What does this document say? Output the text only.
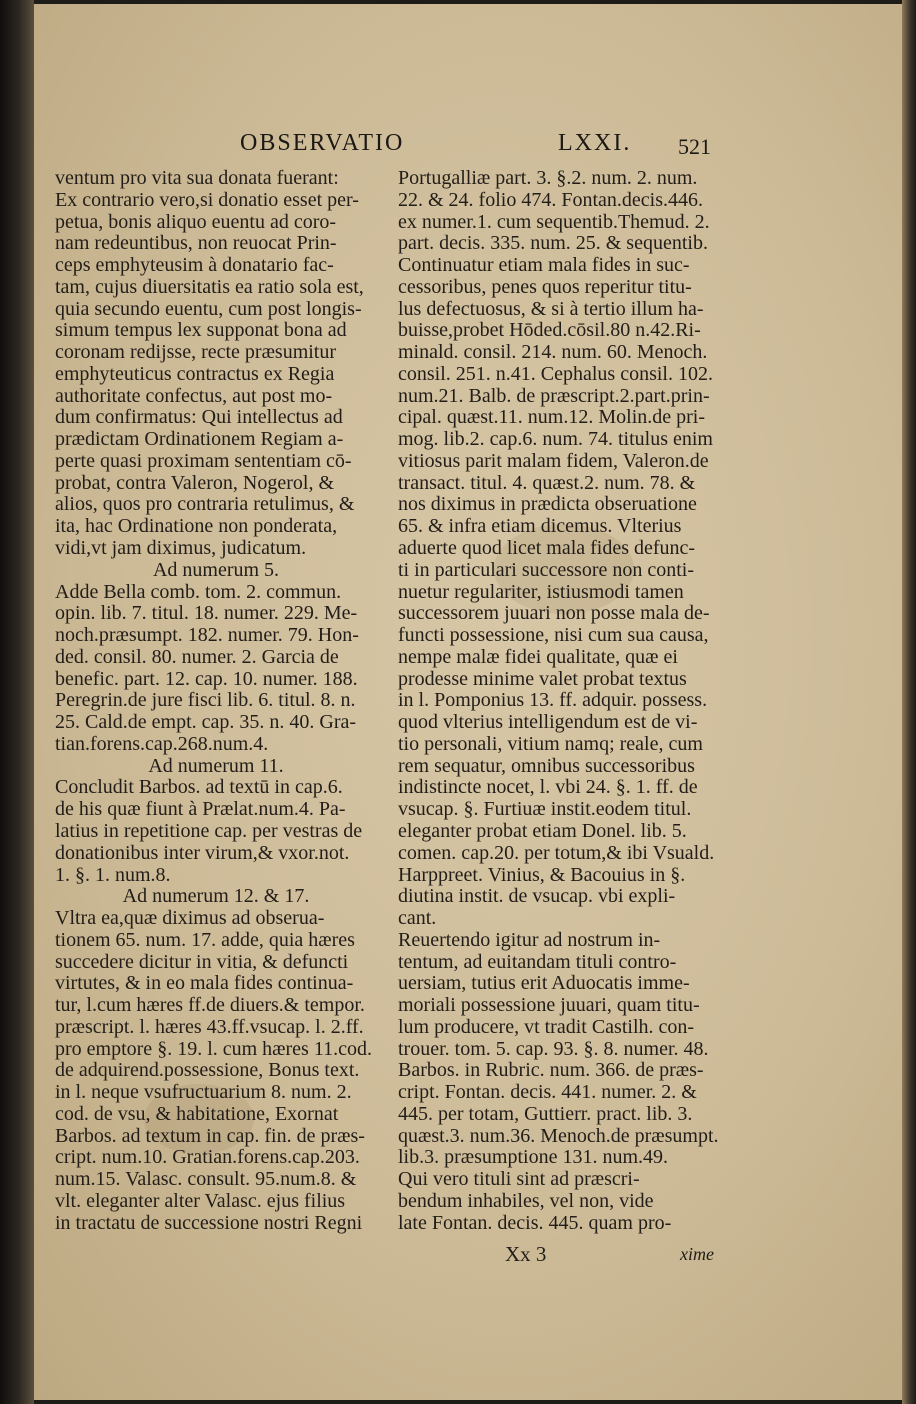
OBSERVATIO	LXXI. 521
ventum pro vita sua donata fuerant:
Ex contrario vero,si donatio esset per-
petua, bonis aliquo euentu ad coro-
nam redeuntibus, non reuocat Prin-
ceps emphyteusim à donatario fac-
tam, cujus diuersitatis ea ratio sola est,
quia secundo euentu, cum post longis-
simum tempus lex supponat bona ad
coronam redijsse, recte præsumitur
emphyteuticus contractus ex Regia
authoritate confectus, aut post mo-
dum confirmatus: Qui intellectus ad
prædictam Ordinationem Regiam a-
perte quasi proximam sententiam cō-
probat, contra Valeron, Nogerol, &
alios, quos pro contraria retulimus, &
ita, hac Ordinatione non ponderata,
vidi,vt jam diximus, judicatum.
Ad numerum 5.
Adde Bella comb. tom. 2. commun.
opin. lib. 7. titul. 18. numer. 229. Me-
noch.præsumpt. 182. numer. 79. Hon-
ded. consil. 80. numer. 2. Garcia de
benefic. part. 12. cap. 10. numer. 188.
Peregrin.de jure fisci lib. 6. titul. 8. n.
25. Cald.de empt. cap. 35. n. 40. Gra-
tian.forens.cap.268.num.4.
Ad numerum 11.
Concludit Barbos. ad textū in cap.6.
de his quæ fiunt à Prælat.num.4. Pa-
latius in repetitione cap. per vestras de
donationibus inter virum,& vxor.not.
1. §. 1. num.8.
Ad numerum 12. & 17.
Vltra ea,quæ diximus ad obserua-
tionem 65. num. 17. adde, quia hæres
succedere dicitur in vitia, & defuncti
virtutes, & in eo mala fides continua-
tur, l.cum hæres ff.de diuers.& tempor.
præscript. l. hæres 43.ff.vsucap. l. 2.ff.
pro emptore §. 19. l. cum hæres 11.cod.
de adquirend.possessione, Bonus text.
in l. neque vsufructuarium 8. num. 2.
cod. de vsu, & habitatione, Exornat
Barbos. ad textum in cap. fin. de præs-
cript. num.10. Gratian.forens.cap.203.
num.15. Valasc. consult. 95.num.8. &
vlt. eleganter alter Valasc. ejus filius
in tractatu de successione nostri Regni
Portugalliæ part. 3. §.2. num. 2. num.
22. & 24. folio 474. Fontan.decis.446.
ex numer.1. cum sequentib.Themud. 2.
part. decis. 335. num. 25. & sequentib.
Continuatur etiam mala fides in suc-
cessoribus, penes quos reperitur titu-
lus defectuosus, & si à tertio illum ha-
buisse,probet Hōded.cōsil.80 n.42.Ri-
minald. consil. 214. num. 60. Menoch.
consil. 251. n.41. Cephalus consil. 102.
num.21. Balb. de præscript.2.part.prin-
cipal. quæst.11. num.12. Molin.de pri-
mog. lib.2. cap.6. num. 74. titulus enim
vitiosus parit malam fidem, Valeron.de
transact. titul. 4. quæst.2. num. 78. &
nos diximus in prædicta obseruatione
65. & infra etiam dicemus. Vlterius
aduerte quod licet mala fides defunc-
ti in particulari successore non conti-
nuetur regulariter, istiusmodi tamen
successorem juuari non posse mala de-
functi possessione, nisi cum sua causa,
nempe malæ fidei qualitate, quæ ei
prodesse minime valet probat textus
in l. Pomponius 13. ff. adquir. possess.
quod vlterius intelligendum est de vi-
tio personali, vitium namq; reale, cum
rem sequatur, omnibus successoribus
indistincte nocet, l. vbi 24. §. 1. ff. de
vsucap. §. Furtiuæ instit.eodem titul.
eleganter probat etiam Donel. lib. 5.
comen. cap.20. per totum,& ibi Vsuald.
Harppreet. Vinius, & Bacouius in §.
diutina instit. de vsucap. vbi expli-
cant.
Reuertendo igitur ad nostrum in-
tentum, ad euitandam tituli contro-
uersiam, tutius erit Aduocatis imme-
moriali possessione juuari, quam titu-
lum producere, vt tradit Castilh. con-
trouer. tom. 5. cap. 93. §. 8. numer. 48.
Barbos. in Rubric. num. 366. de præs-
cript. Fontan. decis. 441. numer. 2. &
445. per totam, Guttierr. pract. lib. 3.
quæst.3. num.36. Menoch.de præsumpt.
lib.3. præsumptione 131. num.49.
Qui vero tituli sint ad præscri-
bendum inhabiles, vel non, vide
late Fontan. decis. 445. quam pro-
Xx 3	xime
